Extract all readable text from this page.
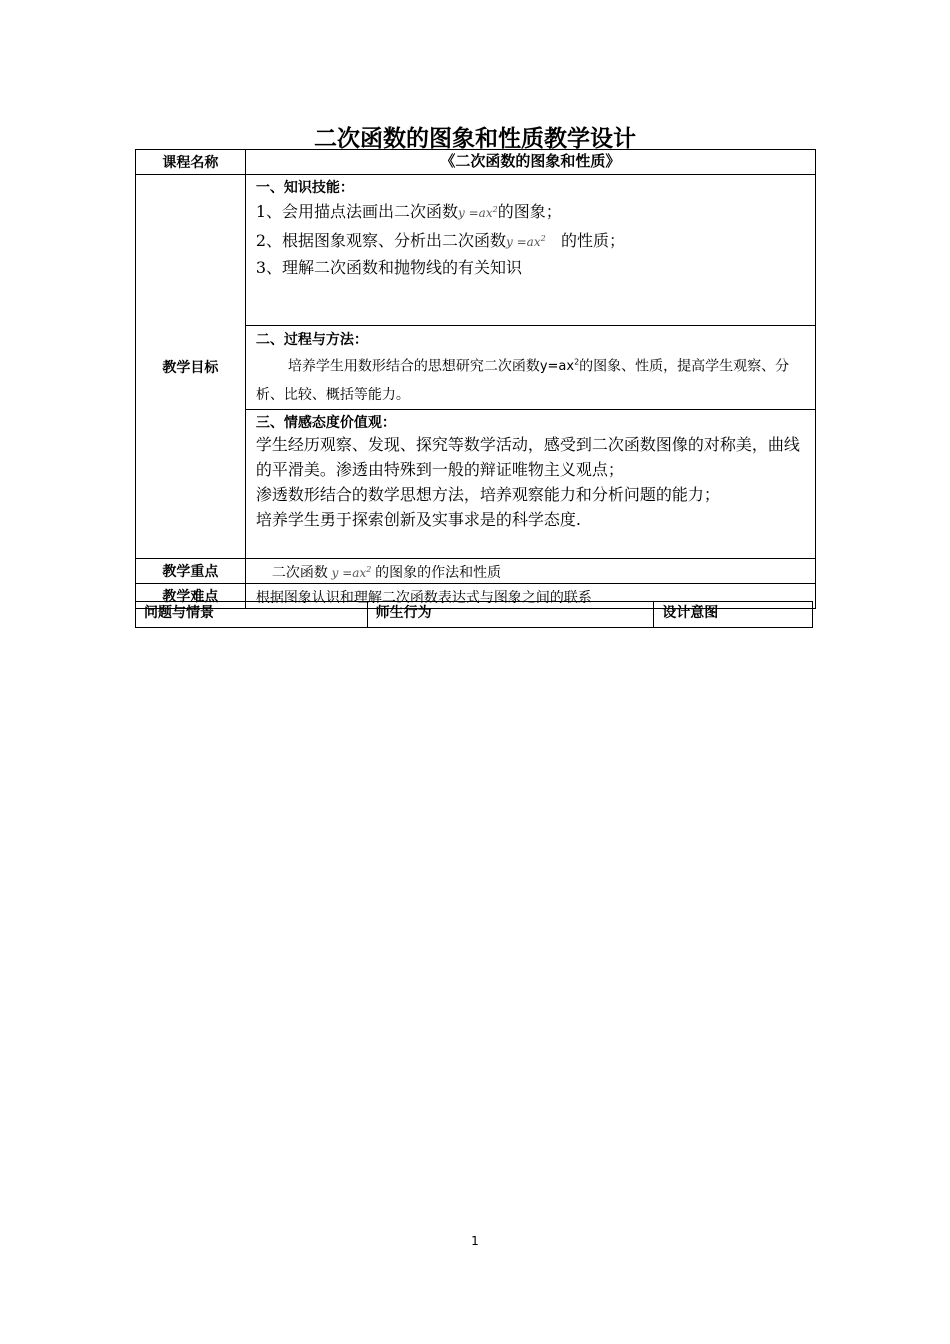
二次函数的图象和性质教学设计
课程名称	《二次函数的图象和性质》
教学目标	一、知识技能：
1、会用描点法画出二次函数$y =ax^2$的图象；
2、根据图象观察、分析出二次函数$y =ax^2$ 的性质；
3、理解二次函数和抛物线的有关知识

	二、过程与方法：
培养学生用数形结合的思想研究二次函数$y=ax^2$的图象、性质，提高学生观察、分析、比较、概括等能力。

	三、情感态度价值观：
学生经历观察、发现、探究等数学活动，感受到二次函数图像的对称美，曲线的平滑美。渗透由特殊到一般的辩证唯物主义观点；
渗透数形结合的数学思想方法，培养观察能力和分析问题的能力；
培养学生勇于探索创新及实事求是的科学态度.

教学重点	二次函数 $y =ax^2$ 的图象的作法和性质
教学难点	根据图象认识和理解二次函数表达式与图象之间的联系
问题与情景	师生行为	设计意图
1
